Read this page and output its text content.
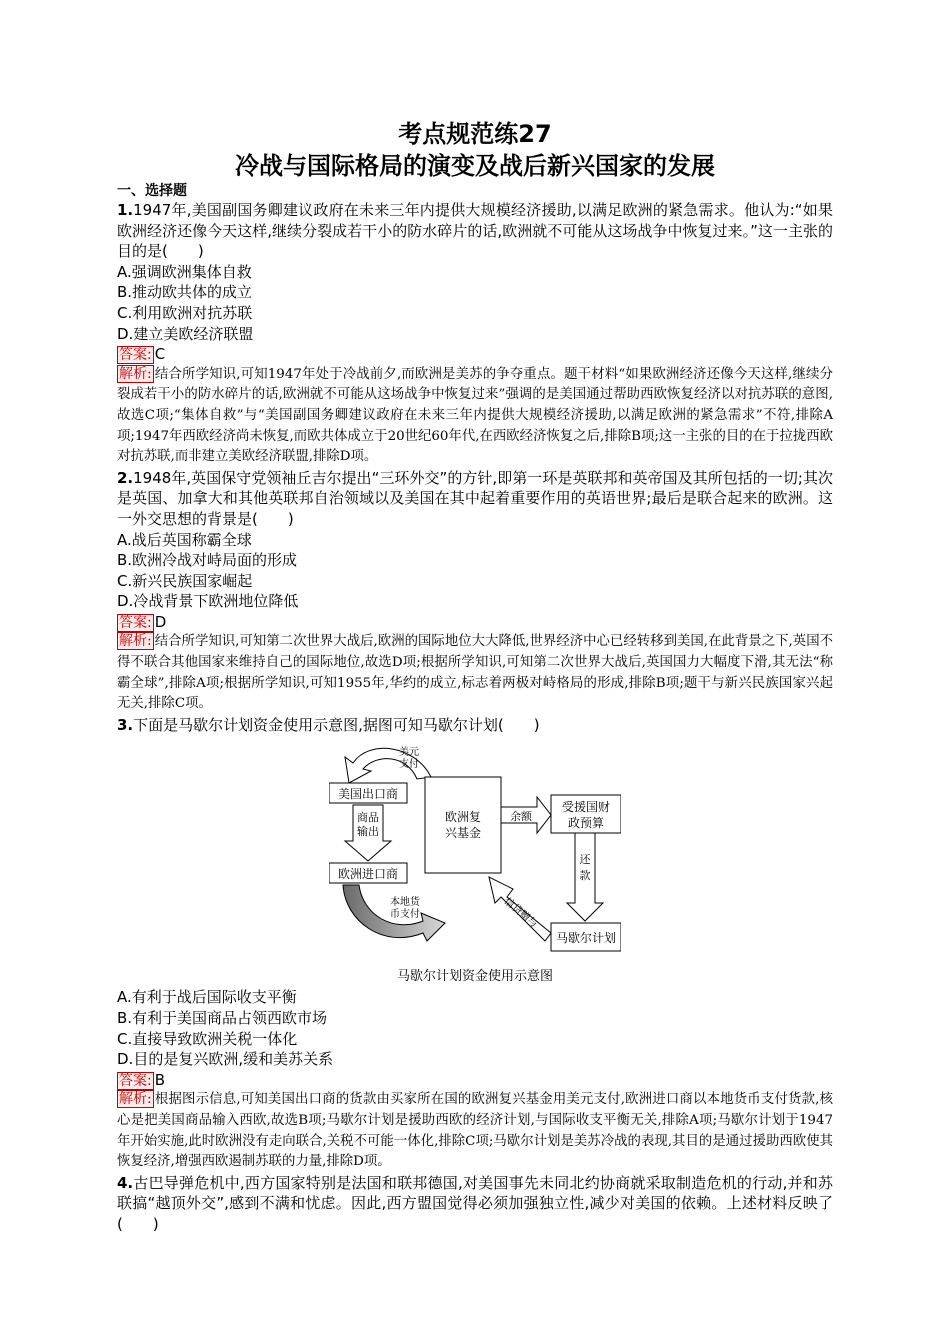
考点规范练27
冷战与国际格局的演变及战后新兴国家的发展
一、选择题
1.1947年,美国副国务卿建议政府在未来三年内提供大规模经济援助,以满足欧洲的紧急需求。他认为:“如果欧洲经济还像今天这样,继续分裂成若干小的防水碎片的话,欧洲就不可能从这场战争中恢复过来。”这一主张的目的是(　　)
A.强调欧洲集体自救
B.推动欧共体的成立
C.利用欧洲对抗苏联
D.建立美欧经济联盟
答案: C
解析: 结合所学知识,可知1947年处于冷战前夕,而欧洲是美苏的争夺重点。题干材料“如果欧洲经济还像今天这样,继续分裂成若干小的防水碎片的话,欧洲就不可能从这场战争中恢复过来”强调的是美国通过帮助西欧恢复经济以对抗苏联的意图,故选C项;“集体自救”与“美国副国务卿建议政府在未来三年内提供大规模经济援助,以满足欧洲的紧急需求”不符,排除A项;1947年西欧经济尚未恢复,而欧共体成立于20世纪60年代,在西欧经济恢复之后,排除B项;这一主张的目的在于拉拢西欧对抗苏联,而非建立美欧经济联盟,排除D项。
2.1948年,英国保守党领袖丘吉尔提出“三环外交”的方针,即第一环是英联邦和英帝国及其所包括的一切;其次是英国、加拿大和其他英联邦自治领域以及美国在其中起着重要作用的英语世界;最后是联合起来的欧洲。这一外交思想的背景是(　　)
A.战后英国称霸全球
B.欧洲冷战对峙局面的形成
C.新兴民族国家崛起
D.冷战背景下欧洲地位降低
答案: D
解析: 结合所学知识,可知第二次世界大战后,欧洲的国际地位大大降低,世界经济中心已经转移到美国,在此背景之下,英国不得不联合其他国家来维持自己的国际地位,故选D项;根据所学知识,可知第二次世界大战后,英国国力大幅度下滑,其无法“称霸全球”,排除A项;根据所学知识,可知1955年,华约的成立,标志着两极对峙格局的形成,排除B项;题干与新兴民族国家兴起无关,排除C项。
3.下面是马歇尔计划资金使用示意图,据图可知马歇尔计划(　　)
美国出口商
商品
输出
欧洲进口商
美元
支付
本地货
币支付
欧洲复
兴基金
余额
受援国财
政预算
还
款
马歇尔计划
信贷赠与
马歇尔计划资金使用示意图
A.有利于战后国际收支平衡
B.有利于美国商品占领西欧市场
C.直接导致欧洲关税一体化
D.目的是复兴欧洲,缓和美苏关系
答案: B
解析: 根据图示信息,可知美国出口商的货款由买家所在国的欧洲复兴基金用美元支付,欧洲进口商以本地货币支付货款,核心是把美国商品输入西欧,故选B项;马歇尔计划是援助西欧的经济计划,与国际收支平衡无关,排除A项;马歇尔计划于1947年开始实施,此时欧洲没有走向联合,关税不可能一体化,排除C项;马歇尔计划是美苏冷战的表现,其目的是通过援助西欧使其恢复经济,增强西欧遏制苏联的力量,排除D项。
4.古巴导弹危机中,西方国家特别是法国和联邦德国,对美国事先未同北约协商就采取制造危机的行动,并和苏联搞“越顶外交”,感到不满和忧虑。因此,西方盟国觉得必须加强独立性,减少对美国的依赖。上述材料反映了(　　)
